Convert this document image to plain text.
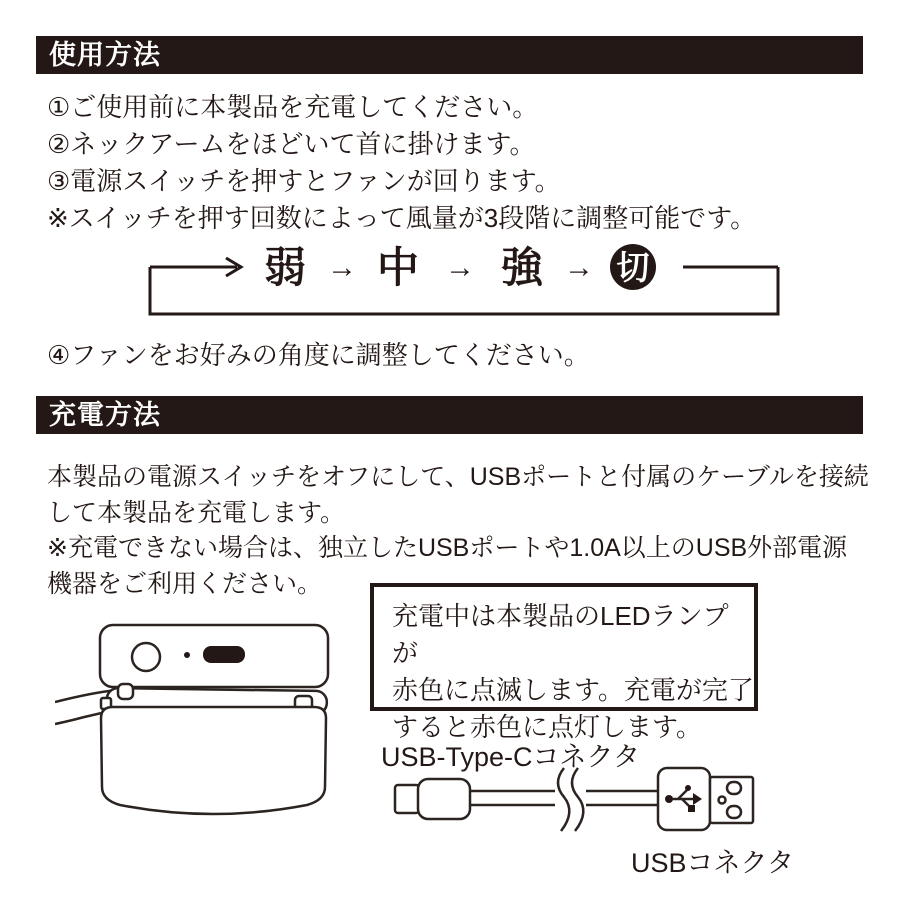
使用方法
①ご使用前に本製品を充電してください。
②ネックアームをほどいて首に掛けます。
③電源スイッチを押すとファンが回ります。
※スイッチを押す回数によって風量が3段階に調整可能です。
弱 → 中 → 強 → 切
④ファンをお好みの角度に調整してください。
充電方法
本製品の電源スイッチをオフにして、USBポートと付属のケーブルを接続
して本製品を充電します。
※充電できない場合は、独立したUSBポートや1.0A以上のUSB外部電源
機器をご利用ください。
充電中は本製品のLEDランプが
赤色に点滅します。充電が完了
すると赤色に点灯します。
USB-Type-Cコネクタ
USBコネクタ
